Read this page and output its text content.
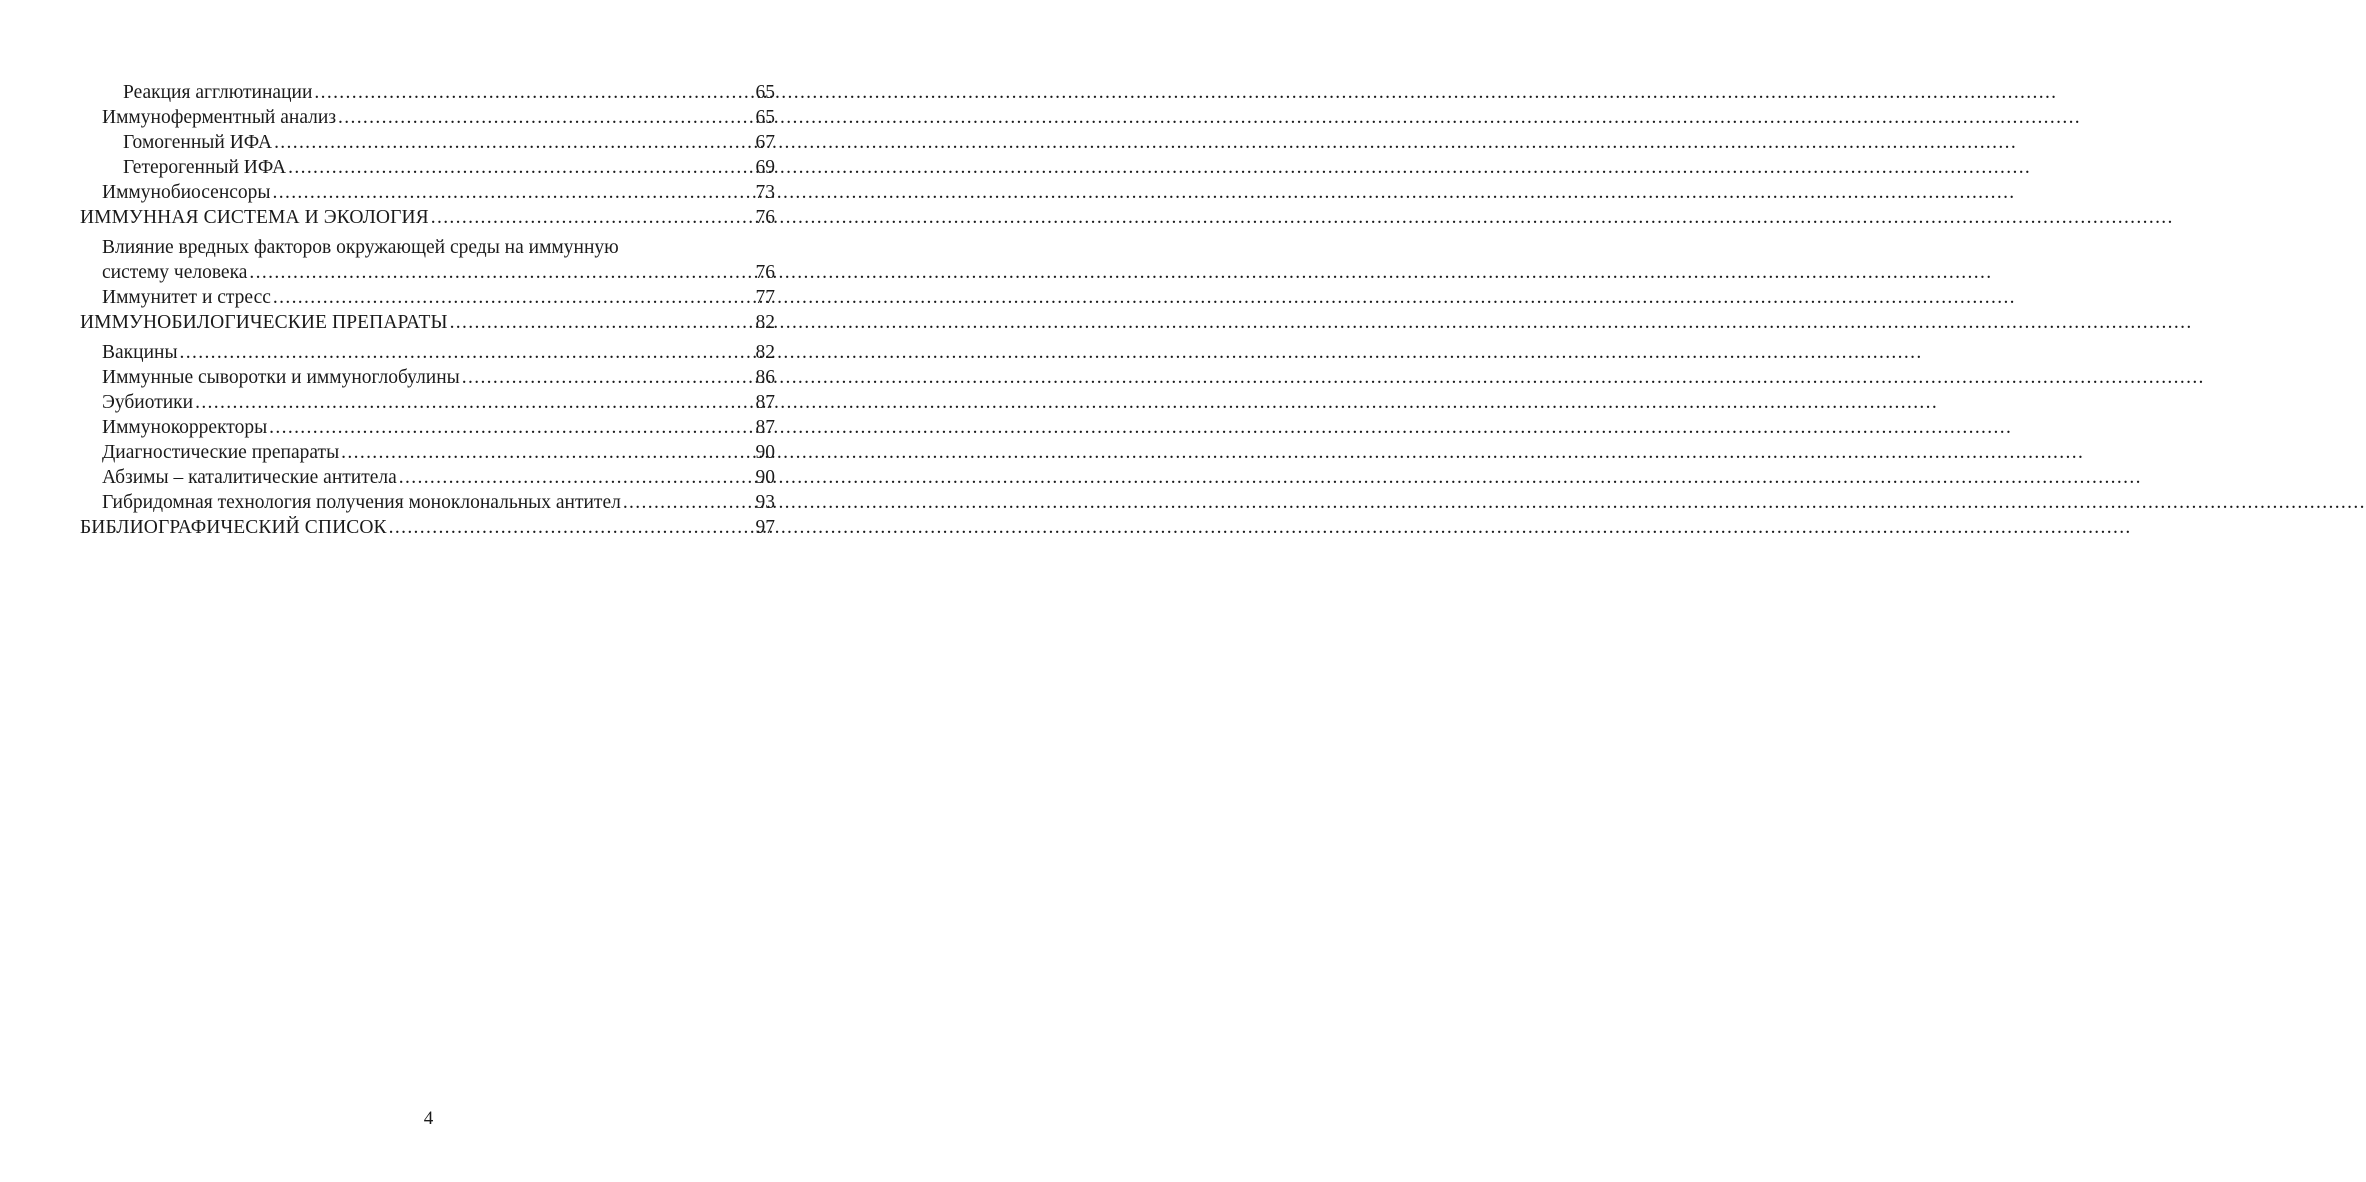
Реакция агглютинации .....	65
Иммуноферментный анализ .....	65
Гомогенный ИФА .....	67
Гетерогенный ИФА .....	69
Иммунобиосенсоры .....	73
ИММУННАЯ СИСТЕМА И ЭКОЛОГИЯ .....	76
Влияние вредных факторов окружающей среды на иммунную
систему человека .....	76
Иммунитет и стресс .....	77
ИММУНОБИЛОГИЧЕСКИЕ ПРЕПАРАТЫ .....	82
Вакцины .....	82
Иммунные сыворотки и иммуноглобулины .....	86
Эубиотики .....	87
Иммунокорректоры .....	87
Диагностические препараты .....	90
Абзимы – каталитические антитела .....	90
Гибридомная технология получения моноклональных антител .....	93
БИБЛИОГРАФИЧЕСКИЙ СПИСОК .....	97
4
